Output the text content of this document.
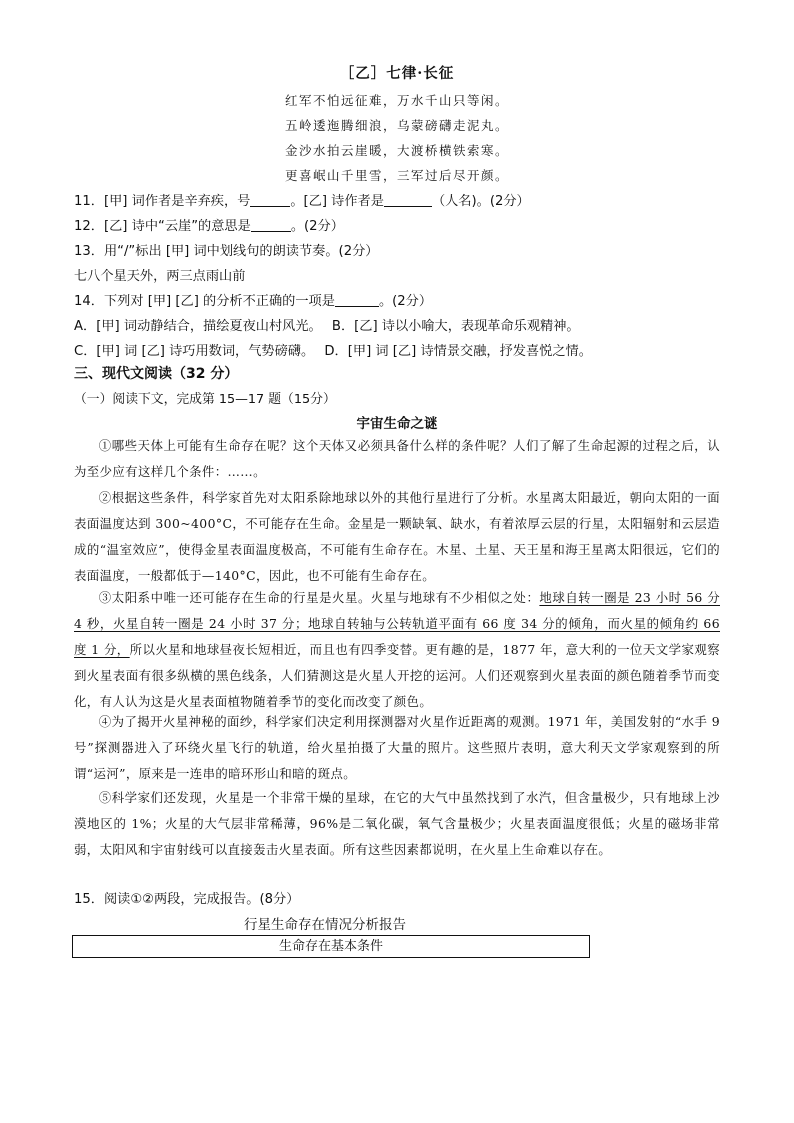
［乙］七律·长征
红军不怕远征难，万水千山只等闲。
五岭逶迤腾细浪，乌蒙磅礴走泥丸。
金沙水拍云崖暖，大渡桥横铁索寒。
更喜岷山千里雪，三军过后尽开颜。
11．[甲] 词作者是辛弃疾，号	。[乙] 诗作者是	（人名)。(2分）
12．[乙] 诗中“云崖”的意思是	。(2分）
13．用“/”标出 [甲] 词中划线句的朗读节奏。(2分）
七八个星天外，两三点雨山前
14．下列对 [甲] [乙] 的分析不正确的一项是	。(2分）
A．[甲] 词动静结合，描绘夏夜山村风光。 B．[乙] 诗以小喻大，表现革命乐观精神。
C．[甲] 词 [乙] 诗巧用数词，气势磅礴。 D．[甲] 词 [乙] 诗情景交融，抒发喜悦之情。
三、现代文阅读（32 分）
（一）阅读下文，完成第 15—17 题（15分）
宇宙生命之谜
①哪些天体上可能有生命存在呢？这个天体又必须具备什么样的条件呢？人们了解了生命起源的过程之后，认为至少应有这样几个条件：……。
②根据这些条件，科学家首先对太阳系除地球以外的其他行星进行了分析。水星离太阳最近，朝向太阳的一面表面温度达到 300~400°C，不可能存在生命。金星是一颗缺氧、缺水，有着浓厚云层的行星，太阳辐射和云层造成的“温室效应”，使得金星表面温度极高，不可能有生命存在。木星、土星、天王星和海王星离太阳很远，它们的表面温度，一般都低于—140°C，因此，也不可能有生命存在。
③太阳系中唯一还可能存在生命的行星是火星。火星与地球有不少相似之处：地球自转一圈是 23 小时 56 分 4 秒，火星自转一圈是 24 小时 37 分；地球自转轴与公转轨道平面有 66 度 34 分的倾角，而火星的倾角约 66 度 1 分，所以火星和地球昼夜长短相近，而且也有四季变替。更有趣的是，1877 年，意大利的一位天文学家观察到火星表面有很多纵横的黑色线条，人们猜测这是火星人开挖的运河。人们还观察到火星表面的颜色随着季节而变化，有人认为这是火星表面植物随着季节的变化而改变了颜色。
④为了揭开火星神秘的面纱，科学家们决定利用探测器对火星作近距离的观测。1971 年，美国发射的“水手 9 号”探测器进入了环绕火星飞行的轨道，给火星拍摄了大量的照片。这些照片表明，意大利天文学家观察到的所谓“运河”，原来是一连串的暗环形山和暗的斑点。
⑤科学家们还发现，火星是一个非常干燥的星球，在它的大气中虽然找到了水汽，但含量极少，只有地球上沙漠地区的 1%；火星的大气层非常稀薄，96%是二氧化碳，氧气含量极少；火星表面温度很低；火星的磁场非常弱，太阳风和宇宙射线可以直接轰击火星表面。所有这些因素都说明，在火星上生命难以存在。
15．阅读①②两段，完成报告。(8分）
行星生命存在情况分析报告
生命存在基本条件
